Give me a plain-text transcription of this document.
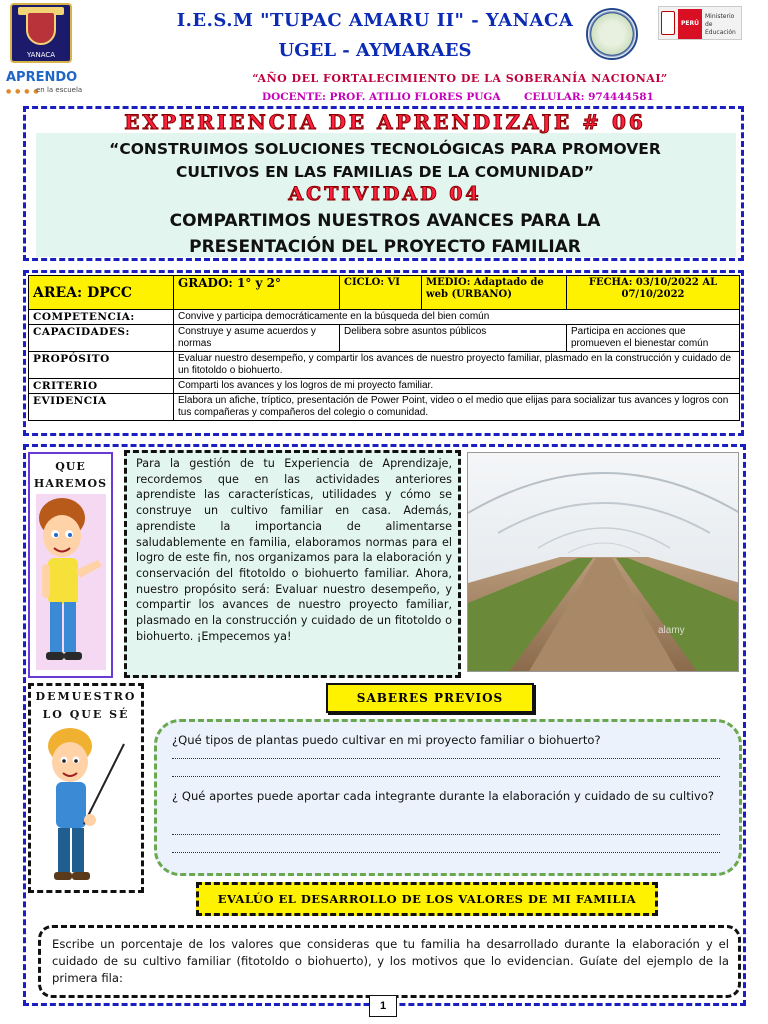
YANACA
APRENDO
● ● ● ●
en la escuela
I.E.S.M "TUPAC AMARU II" - YANACA
UGEL - AYMARAES
“AÑO DEL FORTALECIMIENTO DE LA SOBERANÍA NACIONAL”
DOCENTE: PROF. ATILIO FLORES PUGA CELULAR: 974444581
PERÚ
Ministerio de Educación
EXPERIENCIA DE APRENDIZAJE # 06
“CONSTRUIMOS SOLUCIONES TECNOLÓGICAS PARA PROMOVER
CULTIVOS EN LAS FAMILIAS DE LA COMUNIDAD”
ACTIVIDAD 04
COMPARTIMOS NUESTROS AVANCES PARA LA
PRESENTACIÓN DEL PROYECTO FAMILIAR
AREA: DPCC	GRADO: 1° y 2°	CICLO: VI	MEDIO: Adaptado de web (URBANO)	FECHA: 03/10/2022 AL 07/10/2022
COMPETENCIA:	Convive y participa democráticamente en la búsqueda del bien común			
CAPACIDADES:	Construye y asume acuerdos y normas	Delibera sobre asuntos públicos		Participa en acciones que promueven el bienestar común
PROPÓSITO	Evaluar nuestro desempeño, y compartir los avances de nuestro proyecto familiar, plasmado en la construcción y cuidado de un fitotoldo o biohuerto.			
CRITERIO	Comparti los avances y los logros de mi proyecto familiar.			
EVIDENCIA	Elabora un afiche, tríptico, presentación de Power Point, video o el medio que elijas para socializar tus avances y logros con tus compañeras y compañeros del colegio o comunidad.			
QUE HAREMOS
Para la gestión de tu Experiencia de Aprendizaje, recordemos que en las actividades anteriores aprendiste las características, utilidades y cómo se construye un cultivo familiar en casa. Además, aprendiste la importancia de alimentarse saludablemente en familia, elaboramos normas para el logro de este fin, nos organizamos para la elaboración y conservación del fitotoldo o biohuerto familiar. Ahora, nuestro propósito será: Evaluar nuestro desempeño, y compartir los avances de nuestro proyecto familiar, plasmado en la construcción y cuidado de un fitotoldo o biohuerto. ¡Empecemos ya!	alamy
DEMUESTRO LO QUE SÉ
SABERES PREVIOS
¿Qué tipos de plantas puedo cultivar en mi proyecto familiar o biohuerto?
¿ Qué aportes puede aportar cada integrante durante la elaboración y cuidado de su cultivo?
EVALÚO EL DESARROLLO DE LOS VALORES DE MI FAMILIA
Escribe un porcentaje de los valores que consideras que tu familia ha desarrollado durante la elaboración y el cuidado de su cultivo familiar (fitotoldo o biohuerto), y los motivos que lo evidencian. Guíate del ejemplo de la primera fila:
1
